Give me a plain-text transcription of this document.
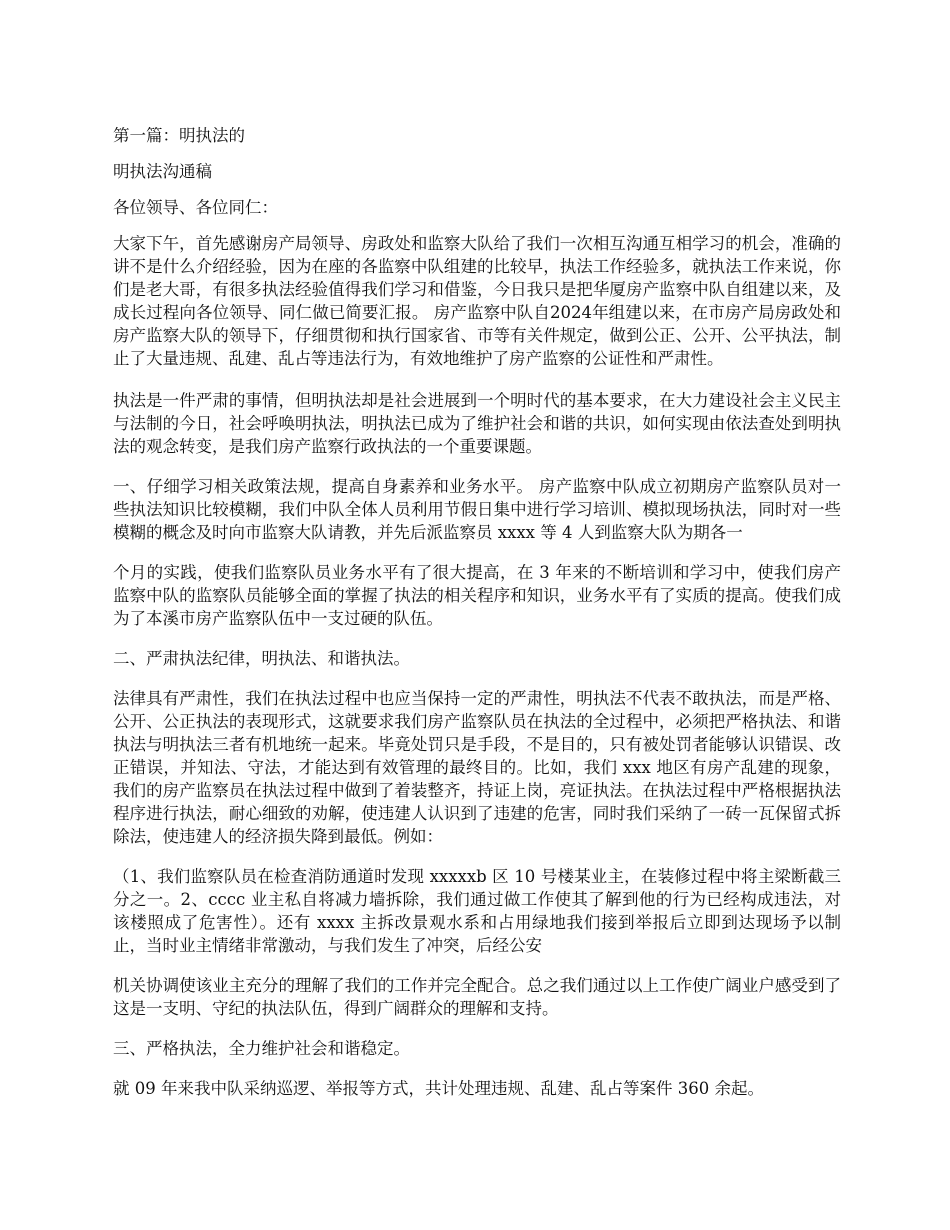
第一篇：明执法的

明执法沟通稿

各位领导、各位同仁：

大家下午，首先感谢房产局领导、房政处和监察大队给了我们一次相互沟通互相学习的机会，准确的讲不是什么介绍经验，因为在座的各监察中队组建的比较早，执法工作经验多，就执法工作来说，你们是老大哥，有很多执法经验值得我们学习和借鉴，今日我只是把华厦房产监察中队自组建以来，及成长过程向各位领导、同仁做已简要汇报。 房产监察中队自2024年组建以来，在市房产局房政处和房产监察大队的领导下，仔细贯彻和执行国家省、市等有关件规定，做到公正、公开、公平执法，制止了大量违规、乱建、乱占等违法行为，有效地维护了房产监察的公证性和严肃性。

执法是一件严肃的事情，但明执法却是社会进展到一个明时代的基本要求，在大力建设社会主义民主与法制的今日，社会呼唤明执法，明执法已成为了维护社会和谐的共识，如何实现由依法查处到明执法的观念转变，是我们房产监察行政执法的一个重要课题。

一、仔细学习相关政策法规，提高自身素养和业务水平。 房产监察中队成立初期房产监察队员对一些执法知识比较模糊，我们中队全体人员利用节假日集中进行学习培训、模拟现场执法，同时对一些模糊的概念及时向市监察大队请教，并先后派监察员 xxxx 等 4 人到监察大队为期各一

个月的实践，使我们监察队员业务水平有了很大提高，在 3 年来的不断培训和学习中，使我们房产监察中队的监察队员能够全面的掌握了执法的相关程序和知识，业务水平有了实质的提高。使我们成为了本溪市房产监察队伍中一支过硬的队伍。

二、严肃执法纪律，明执法、和谐执法。

法律具有严肃性，我们在执法过程中也应当保持一定的严肃性，明执法不代表不敢执法，而是严格、公开、公正执法的表现形式，这就要求我们房产监察队员在执法的全过程中，必须把严格执法、和谐执法与明执法三者有机地统一起来。毕竟处罚只是手段，不是目的，只有被处罚者能够认识错误、改正错误，并知法、守法，才能达到有效管理的最终目的。比如，我们 xxx 地区有房产乱建的现象，我们的房产监察员在执法过程中做到了着装整齐，持证上岗，亮证执法。在执法过程中严格根据执法程序进行执法，耐心细致的劝解，使违建人认识到了违建的危害，同时我们采纳了一砖一瓦保留式拆除法，使违建人的经济损失降到最低。例如：

（1、我们监察队员在检查消防通道时发现 xxxxxb 区 10 号楼某业主，在装修过程中将主梁断截三分之一。2、cccc 业主私自将减力墙拆除，我们通过做工作使其了解到他的行为已经构成违法，对该楼照成了危害性）。还有 xxxx 主拆改景观水系和占用绿地我们接到举报后立即到达现场予以制止，当时业主情绪非常激动，与我们发生了冲突，后经公安

机关协调使该业主充分的理解了我们的工作并完全配合。总之我们通过以上工作使广阔业户感受到了这是一支明、守纪的执法队伍，得到广阔群众的理解和支持。

三、严格执法，全力维护社会和谐稳定。

就 09 年来我中队采纳巡逻、举报等方式，共计处理违规、乱建、乱占等案件 360 余起。
